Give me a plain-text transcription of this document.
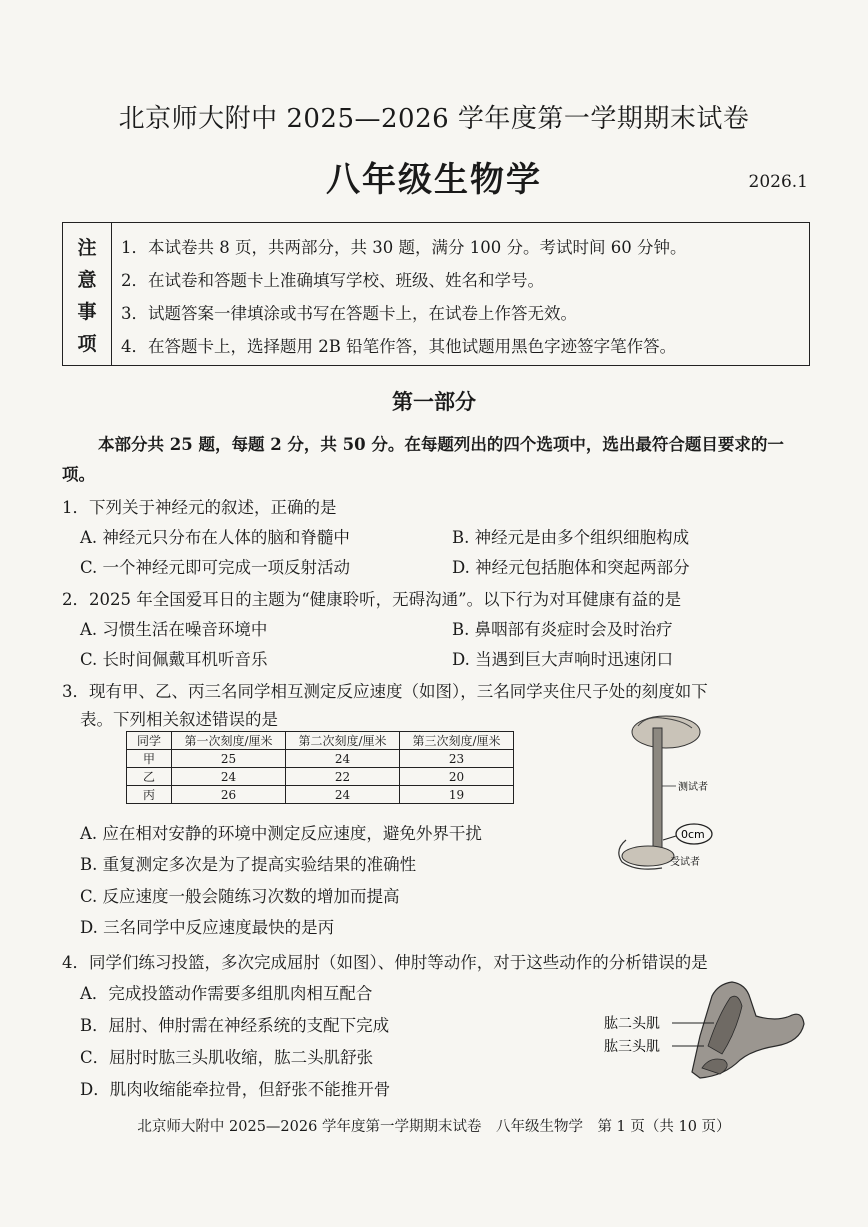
北京师大附中 2025—2026 学年度第一学期期末试卷
八年级生物学	2026.1
注
意
事
项
1．本试卷共 8 页，共两部分，共 30 题，满分 100 分。考试时间 60 分钟。
2．在试卷和答题卡上准确填写学校、班级、姓名和学号。
3．试题答案一律填涂或书写在答题卡上，在试卷上作答无效。
4．在答题卡上，选择题用 2B 铅笔作答，其他试题用黑色字迹签字笔作答。
第一部分
本部分共 25 题，每题 2 分，共 50 分。在每题列出的四个选项中，选出最符合题目要求的一项。
1．下列关于神经元的叙述，正确的是
A. 神经元只分布在人体的脑和脊髓中	B. 神经元是由多个组织细胞构成
C. 一个神经元即可完成一项反射活动	D. 神经元包括胞体和突起两部分
2．2025 年全国爱耳日的主题为“健康聆听，无碍沟通”。以下行为对耳健康有益的是
A. 习惯生活在噪音环境中	B. 鼻咽部有炎症时会及时治疗
C. 长时间佩戴耳机听音乐	D. 当遇到巨大声响时迅速闭口
3．现有甲、乙、丙三名同学相互测定反应速度（如图），三名同学夹住尺子处的刻度如下
表。下列相关叙述错误的是
同学	第一次刻度/厘米	第二次刻度/厘米	第三次刻度/厘米
甲	25	24	23
乙	24	22	20
丙	26	24	19
A. 应在相对安静的环境中测定反应速度，避免外界干扰
B. 重复测定多次是为了提高实验结果的准确性
C. 反应速度一般会随练习次数的增加而提高
D. 三名同学中反应速度最快的是丙
测试者
0cm
受试者
4．同学们练习投篮，多次完成屈肘（如图）、伸肘等动作，对于这些动作的分析错误的是
A．完成投篮动作需要多组肌肉相互配合
B．屈肘、伸肘需在神经系统的支配下完成
C．屈肘时肱三头肌收缩，肱二头肌舒张
D．肌肉收缩能牵拉骨，但舒张不能推开骨
肱二头肌
肱三头肌
北京师大附中 2025—2026 学年度第一学期期末试卷　八年级生物学　第 1 页（共 10 页）
